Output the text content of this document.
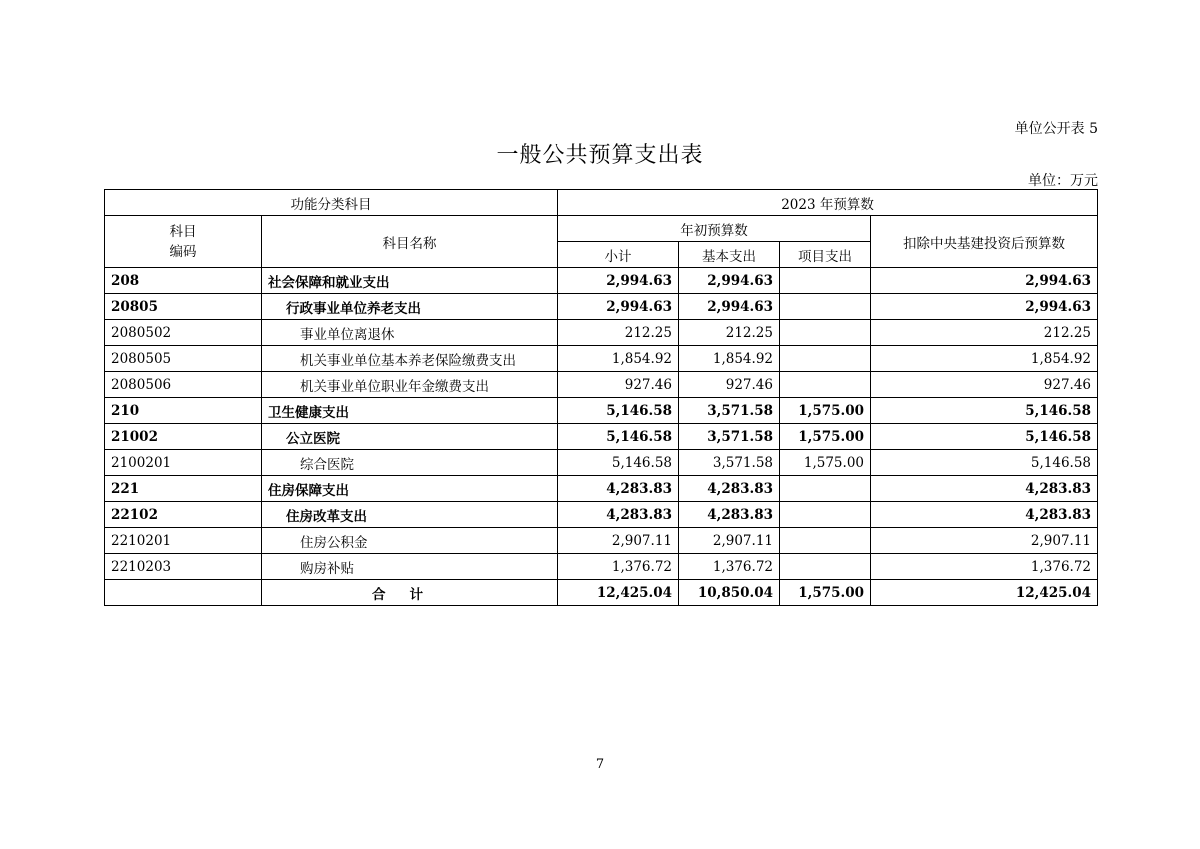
单位公开表 5
一般公共预算支出表
单位：万元
功能分类科目		2023 年预算数			
科目
编码	科目名称	年初预算数			扣除中央基建投资后预算数
		小计	基本支出	项目支出	
208	社会保障和就业支出	2,994.63	2,994.63		2,994.63
20805	行政事业单位养老支出	2,994.63	2,994.63		2,994.63
2080502	事业单位离退休	212.25	212.25		212.25
2080505	机关事业单位基本养老保险缴费支出	1,854.92	1,854.92		1,854.92
2080506	机关事业单位职业年金缴费支出	927.46	927.46		927.46
210	卫生健康支出	5,146.58	3,571.58	1,575.00	5,146.58
21002	公立医院	5,146.58	3,571.58	1,575.00	5,146.58
2100201	综合医院	5,146.58	3,571.58	1,575.00	5,146.58
221	住房保障支出	4,283.83	4,283.83		4,283.83
22102	住房改革支出	4,283.83	4,283.83		4,283.83
2210201	住房公积金	2,907.11	2,907.11		2,907.11
2210203	购房补贴	1,376.72	1,376.72		1,376.72
	合计	12,425.04	10,850.04	1,575.00	12,425.04
7
